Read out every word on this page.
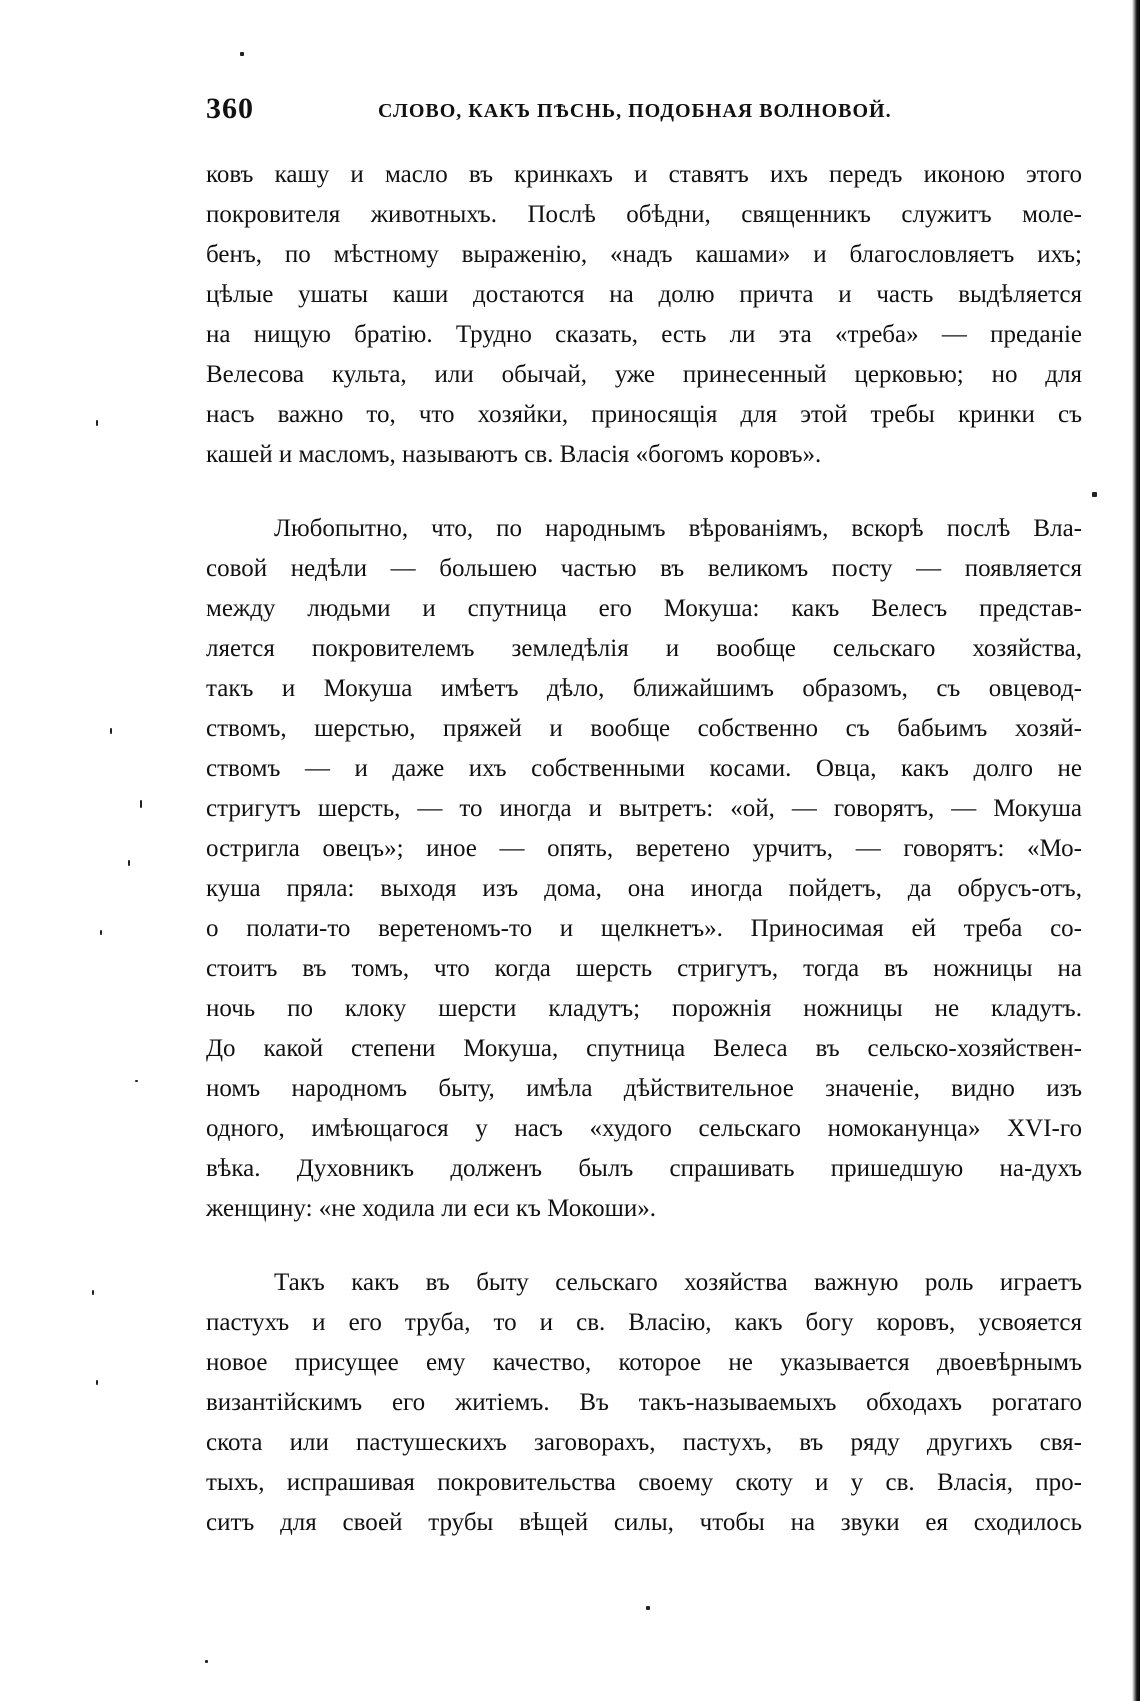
360	СЛОВО, КАКЪ ПѢСНЬ, ПОДОБНАЯ ВОЛНОВОЙ.
ковъ кашу и масло въ кринкахъ и ставятъ ихъ передъ иконою этого
покровителя животныхъ. Послѣ обѣдни, священникъ служитъ моле-
бенъ, по мѣстному выраженію, «надъ кашами» и благословляетъ ихъ;
цѣлые ушаты каши достаются на долю причта и часть выдѣляется
на нищую братію. Трудно сказать, есть ли эта «треба» — преданіе
Велесова культа, или обычай, уже принесенный церковью; но для
насъ важно то, что хозяйки, приносящія для этой требы кринки съ
кашей и масломъ, называютъ св. Власія «богомъ коровъ».
Любопытно, что, по народнымъ вѣрованіямъ, вскорѣ послѣ Вла-
совой недѣли — большею частью въ великомъ посту — появляется
между людьми и спутница его Мокуша: какъ Велесъ представ-
ляется покровителемъ земледѣлія и вообще сельскаго хозяйства,
такъ и Мокуша имѣетъ дѣло, ближайшимъ образомъ, съ овцевод-
ствомъ, шерстью, пряжей и вообще собственно съ бабьимъ хозяй-
ствомъ — и даже ихъ собственными косами. Овца, какъ долго не
стригутъ шерсть, — то иногда и вытретъ: «ой, — говорятъ, — Мокуша
остригла овецъ»; иное — опять, веретено урчитъ, — говорятъ: «Мо-
куша пряла: выходя изъ дома, она иногда пойдетъ, да обрусъ-отъ,
о полати-то веретеномъ-то и щелкнетъ». Приносимая ей треба со-
стоитъ въ томъ, что когда шерсть стригутъ, тогда въ ножницы на
ночь по клоку шерсти кладутъ; порожнія ножницы не кладутъ.
До какой степени Мокуша, спутница Велеса въ сельско-хозяйствен-
номъ народномъ быту, имѣла дѣйствительное значеніе, видно изъ
одного, имѣющагося у насъ «худого сельскаго номоканунца» XVI-го
вѣка. Духовникъ долженъ былъ спрашивать пришедшую на-духъ
женщину: «не ходила ли еси къ Мокоши».
Такъ какъ въ быту сельскаго хозяйства важную роль играетъ
пастухъ и его труба, то и св. Власію, какъ богу коровъ, усвояется
новое присущее ему качество, которое не указывается двоевѣрнымъ
византійскимъ его житіемъ. Въ такъ-называемыхъ обходахъ рогатаго
скота или пастушескихъ заговорахъ, пастухъ, въ ряду другихъ свя-
тыхъ, испрашивая покровительства своему скоту и у св. Власія, про-
ситъ для своей трубы вѣщей силы, чтобы на звуки ея сходилось
